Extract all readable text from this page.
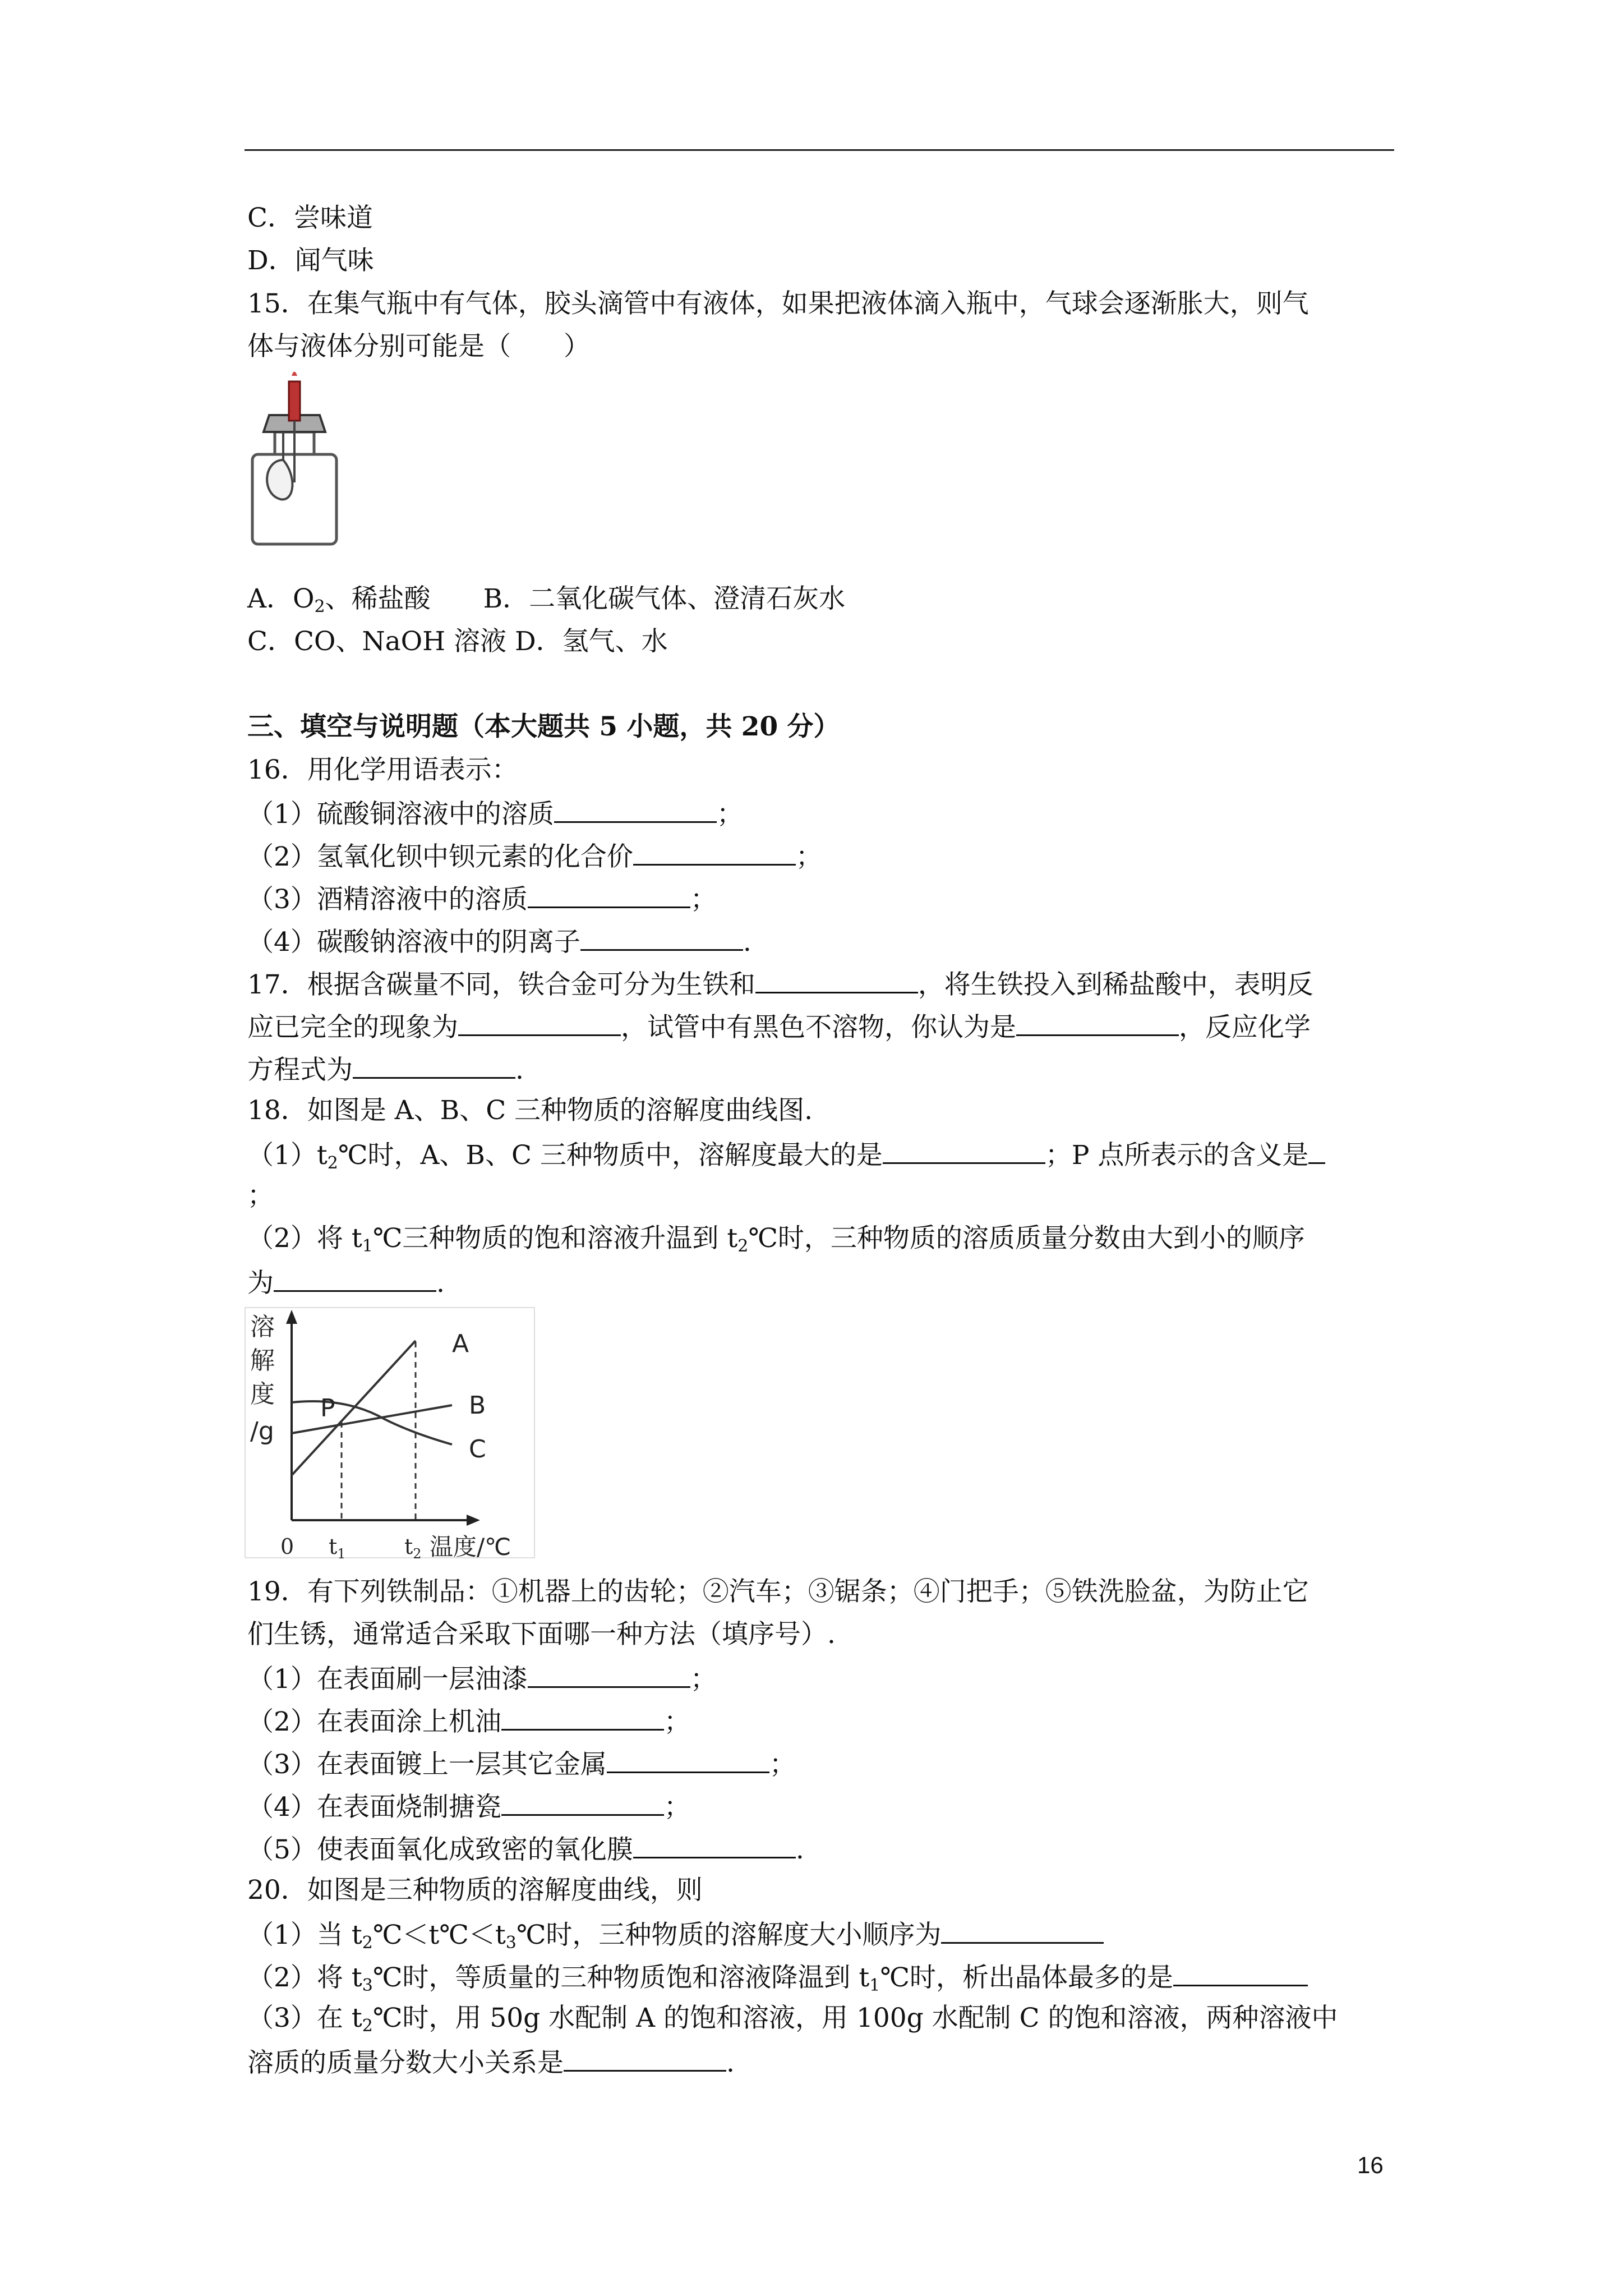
C．尝味道
D．闻气味
15．在集气瓶中有气体，胶头滴管中有液体，如果把液体滴入瓶中，气球会逐渐胀大，则气
体与液体分别可能是（　　）
A．$O_2$、稀盐酸　　B．二氧化碳气体、澄清石灰水
C．CO、NaOH 溶液 D．氢气、水
三、填空与说明题（本大题共 5 小题，共 20 分）
16．用化学用语表示：
（1）硫酸铜溶液中的溶质	；
（2）氢氧化钡中钡元素的化合价	；
（3）酒精溶液中的溶质	；
（4）碳酸钠溶液中的阴离子	.
17．根据含碳量不同，铁合金可分为生铁和	，将生铁投入到稀盐酸中，表明反
应已完全的现象为	，试管中有黑色不溶物，你认为是	，反应化学
方程式为	.
18．如图是 A、B、C 三种物质的溶解度曲线图.
$(1)t_2℃$时，A、B、C 三种物质中，溶解度最大的是	；P 点所表示的含义是
；
（2）将 $t_1℃$三种物质的饱和溶液升温到 $t_2℃$时，三种物质的溶质质量分数由大到小的顺序
为	.
溶
解
度
/g
A
B
C
P
0 $t_1$	$t_2$ 温度/℃
19．有下列铁制品：①机器上的齿轮；②汽车；③锯条；④门把手；⑤铁洗脸盆，为防止它
们生锈，通常适合采取下面哪一种方法（填序号）.
（1）在表面刷一层油漆	；
（2）在表面涂上机油	；
（3）在表面镀上一层其它金属	；
（4）在表面烧制搪瓷	；
（5）使表面氧化成致密的氧化膜	.
20．如图是三种物质的溶解度曲线，则
（1）当 $t_2℃<t℃<t_3℃$时，三种物质的溶解度大小顺序为
（2）将 $t_3℃$时，等质量的三种物质饱和溶液降温到 $t_1℃$时，析出晶体最多的是
（3）在 $t_2℃$时，用 50g 水配制 A 的饱和溶液，用 100g 水配制 C 的饱和溶液，两种溶液中
溶质的质量分数大小关系是	.
16
